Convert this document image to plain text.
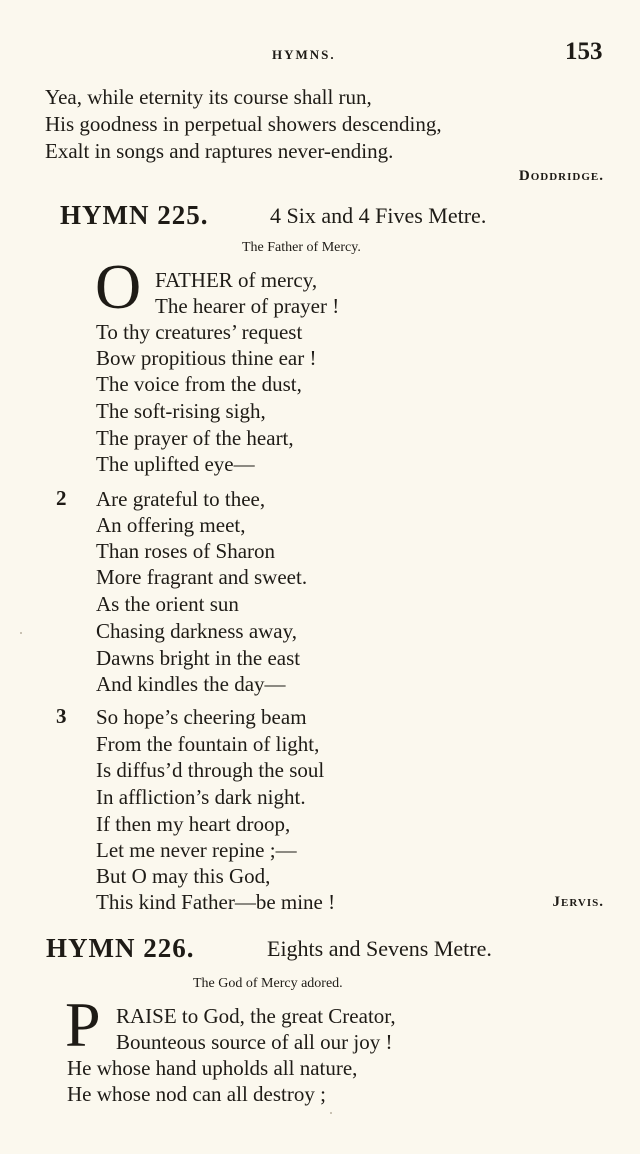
HYMNS.	153
Yea, while eternity its course shall run,
His goodness in perpetual showers descending,
Exalt in songs and raptures never-ending.
Doddridge.
HYMN 225.	4 Six and 4 Fives Metre.
The Father of Mercy.
O FATHER of mercy,
The hearer of prayer !
To thy creatures’ request
Bow propitious thine ear !
The voice from the dust,
The soft-rising sigh,
The prayer of the heart,
The uplifted eye—
2 Are grateful to thee,
An offering meet,
Than roses of Sharon
More fragrant and sweet.
As the orient sun
Chasing darkness away,
Dawns bright in the east
And kindles the day—
3 So hope’s cheering beam
From the fountain of light,
Is diffus’d through the soul
In affliction’s dark night.
If then my heart droop,
Let me never repine ;—
But O may this God,
This kind Father—be mine !	Jervis.
HYMN 226.	Eights and Sevens Metre.
The God of Mercy adored.
P RAISE to God, the great Creator,
Bounteous source of all our joy !
He whose hand upholds all nature,
He whose nod can all destroy ;
